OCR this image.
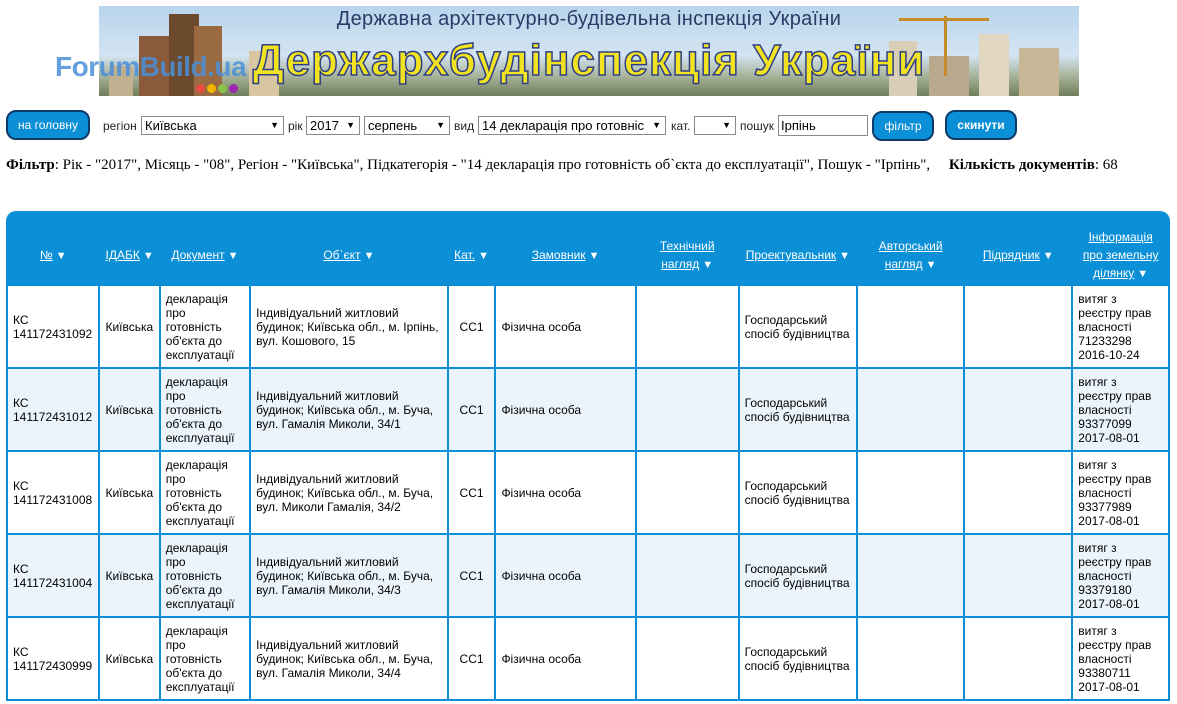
Державна архітектурно-будівельна інспекція України
Держархбудінспекція України
ForumBuild.ua
на головну	регіон Київська	▼ рік 2017 ▼	серпень ▼ вид 14 декларація про готовніс ▼ кат.	▼ пошук
Ірпінь	фільтр	скинути
Фільтр: Рік - "2017", Місяць - "08", Регіон - "Київська", Підкатегорія - "14 декларація про готовність об`єкта до експлуатації", Пошук - "Ірпінь", Кількість документів: 68
№ ▼	ІДАБК ▼	Документ ▼	Об`єкт ▼	Кат. ▼	Замовник ▼	Технічний нагляд ▼	Проектувальник ▼	Авторський нагляд ▼	Підрядник ▼	Інформація про земельну ділянку ▼
КС 141172431092	Київська	декларація про готовність об'єкта до експлуатації	Індивідуальний житловий будинок; Київська обл., м. Ірпінь, вул. Кошового, 15	СС1	Фізична особа		Господарський спосіб будівництва			витяг з реєстру прав власності 71233298 2016-10-24
КС 141172431012	Київська	декларація про готовність об'єкта до експлуатації	Індивідуальний житловий будинок; Київська обл., м. Буча, вул. Гамалія Миколи, 34/1	СС1	Фізична особа		Господарський спосіб будівництва			витяг з реєстру прав власності 93377099 2017-08-01
КС 141172431008	Київська	декларація про готовність об'єкта до експлуатації	Індивідуальний житловий будинок; Київська обл., м. Буча, вул. Миколи Гамалія, 34/2	СС1	Фізична особа		Господарський спосіб будівництва			витяг з реєстру прав власності 93377989 2017-08-01
КС 141172431004	Київська	декларація про готовність об'єкта до експлуатації	Індивідуальний житловий будинок; Київська обл., м. Буча, вул. Гамалія Миколи, 34/3	СС1	Фізична особа		Господарський спосіб будівництва			витяг з реєстру прав власності 93379180 2017-08-01
КС 141172430999	Київська	декларація про готовність об'єкта до експлуатації	Індивідуальний житловий будинок; Київська обл., м. Буча, вул. Гамалія Миколи, 34/4	СС1	Фізична особа		Господарський спосіб будівництва			витяг з реєстру прав власності 93380711 2017-08-01
